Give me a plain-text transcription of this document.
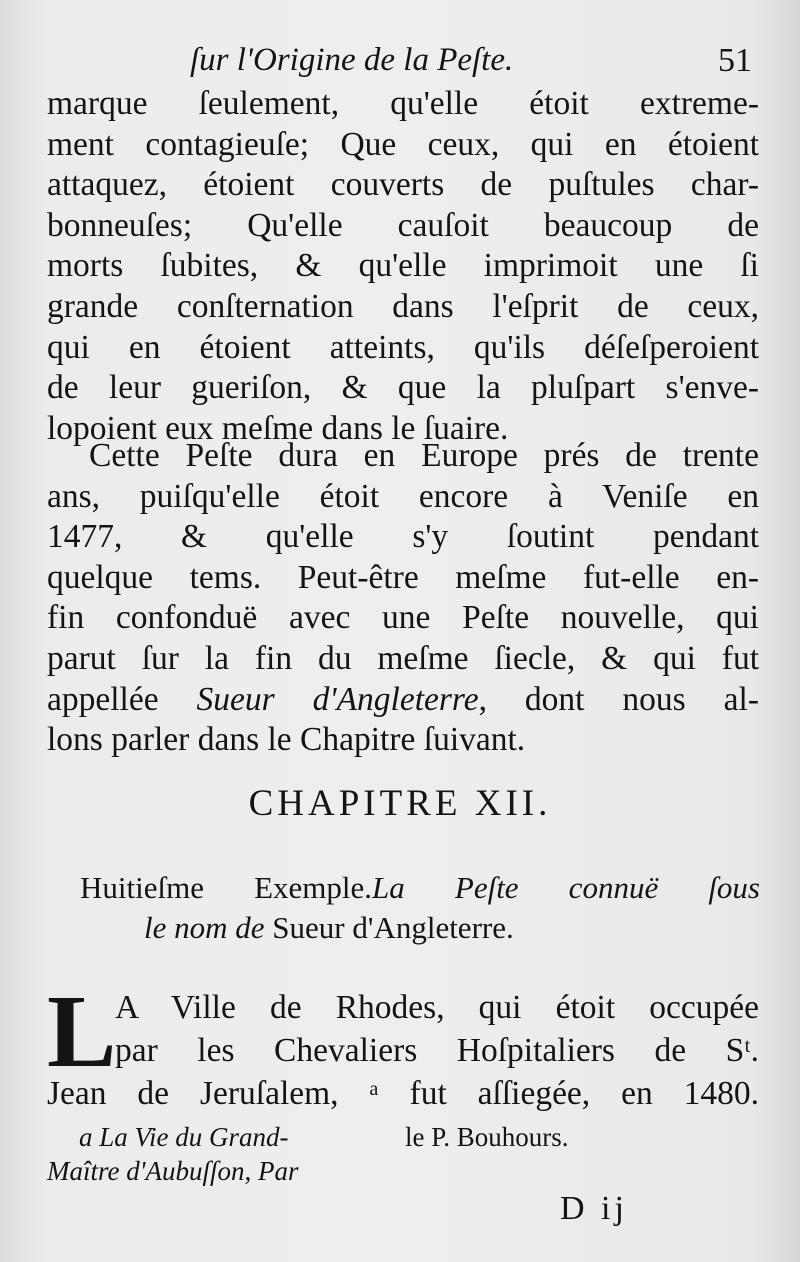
ſur l'Origine de la Peſte.	51
marque ſeulement, qu'elle étoit extreme-
ment contagieuſe; Que ceux, qui en étoient
attaquez, étoient couverts de puſtules char-
bonneuſes; Qu'elle cauſoit beaucoup de
morts ſubites, & qu'elle imprimoit une ſi
grande conſternation dans l'eſprit de ceux,
qui en étoient atteints, qu'ils déſeſperoient
de leur gueriſon, & que la pluſpart s'enve-
lopoient eux meſme dans le ſuaire.
Cette Peſte dura en Europe prés de trente
ans, puiſqu'elle étoit encore à Veniſe en
1477, & qu'elle s'y ſoutint pendant
quelque tems. Peut-être meſme fut-elle en-
fin confonduë avec une Peſte nouvelle, qui
parut ſur la fin du meſme ſiecle, & qui fut
appellée Sueur d'Angleterre, dont nous al-
lons parler dans le Chapitre ſuivant.
CHAPITRE XII.
Huitieſme Exemple.La Peſte connuë ſous
le nom de Sueur d'Angleterre.
L
A Ville de Rhodes, qui étoit occupée
par les Chevaliers Hoſpitaliers de Sᵗ.
Jean de Jeruſalem, ᵃ fut aſſiegée, en 1480.
a La Vie du Grand-
Maître d'Aubuſſon, Par
le P. Bouhours.
D ij
